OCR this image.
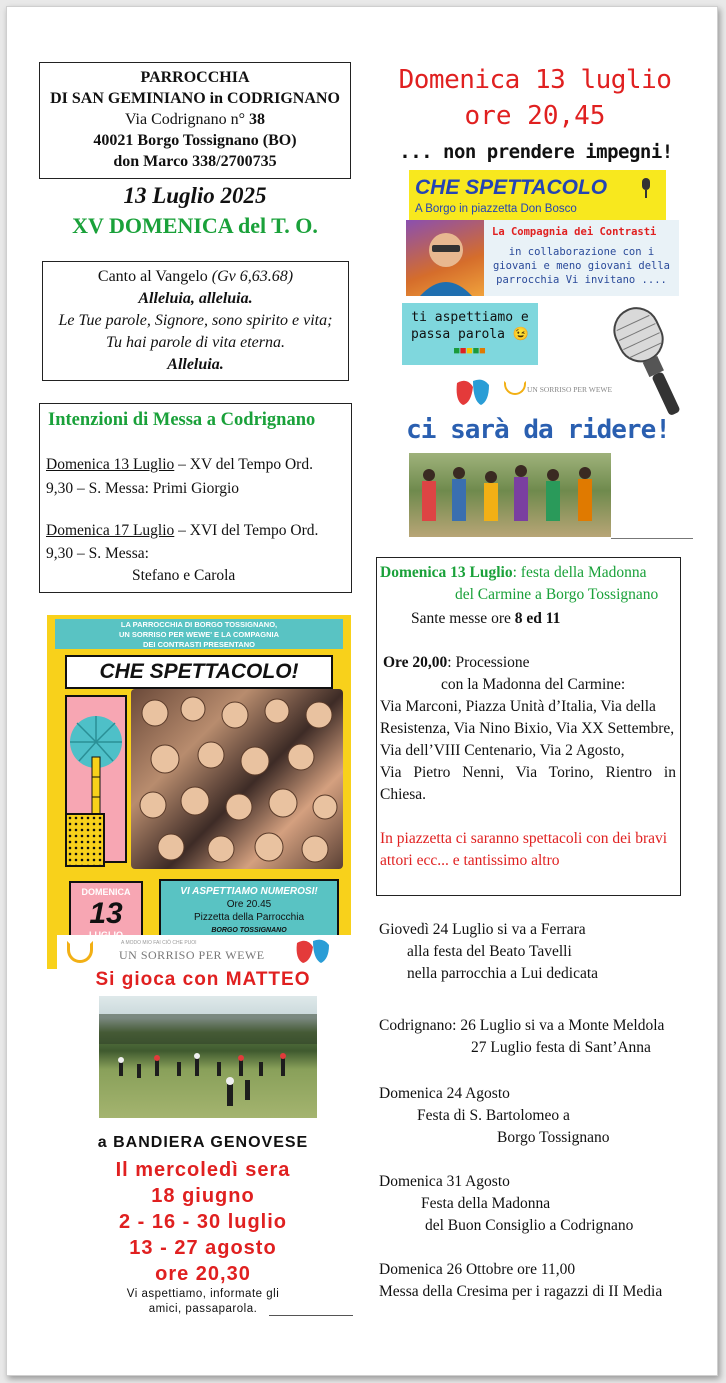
PARROCCHIA
DI SAN GEMINIANO in CODRIGNANO
Via Codrignano n° 38
40021 Borgo Tossignano (BO)
don Marco 338/2700735
13 Luglio 2025
XV DOMENICA del T. O.
Canto al Vangelo (Gv 6,63.68)
Alleluia, alleluia.
Le Tue parole, Signore, sono spirito e vita;
Tu hai parole di vita eterna.
Alleluia.
Intenzioni di Messa a Codrignano
Domenica 13 Luglio – XV del Tempo Ord.
9,30 – S. Messa: Primi Giorgio
Domenica 17 Luglio – XVI del Tempo Ord.
9,30 – S. Messa:
Stefano e Carola
LA PARROCCHIA DI BORGO TOSSIGNANO,
UN SORRISO PER WEWE' E LA COMPAGNIA
DEI CONTRASTI PRESENTANO
CHE SPETTACOLO!
DOMENICA
13
VI ASPETTIAMO NUMEROSI!
Ore 20.45
Pizzetta della Parrocchia
BORGO TOSSIGNANO
A MODO MIO FAI CIÒ CHE PUOI
UN SORRISO PER WEWE
Si gioca con MATTEO
a BANDIERA GENOVESE
Il mercoledì sera
18 giugno
2 - 16 - 30 luglio
13 - 27 agosto
ore 20,30
Vi aspettiamo, informate gli
amici, passaparola.
Domenica 13 luglio
ore 20,45
... non prendere impegni!
CHE SPETTACOLO
A Borgo in piazzetta Don Bosco
La Compagnia dei Contrasti
in collaborazione con i
giovani e meno giovani della
parrocchia Vi invitano ....
ti aspettiamo e
passa parola 😉
■■■■■
UN SORRISO PER WEWE
ci sarà da ridere!
Domenica 13 Luglio: festa della Madonna
del Carmine a Borgo Tossignano
Sante messe ore 8 ed 11
Ore 20,00: Processione
con la Madonna del Carmine:
Via Marconi, Piazza Unità d’Italia, Via della
Resistenza, Via Nino Bixio, Via XX Settembre,
Via dell’VIII Centenario, Via 2 Agosto,
Via Pietro Nenni, Via Torino, Rientro in
Chiesa.
In piazzetta ci saranno spettacoli con dei bravi
attori ecc... e tantissimo altro
Giovedì 24 Luglio si va a Ferrara
alla festa del Beato Tavelli
nella parrocchia a Lui dedicata
Codrignano: 26 Luglio si va a Monte Meldola
27 Luglio festa di Sant’Anna
Domenica 24 Agosto
Festa di S. Bartolomeo a
Borgo Tossignano
Domenica 31 Agosto
Festa della Madonna
del Buon Consiglio a Codrignano
Domenica 26 Ottobre ore 11,00
Messa della Cresima per i ragazzi di II Media
